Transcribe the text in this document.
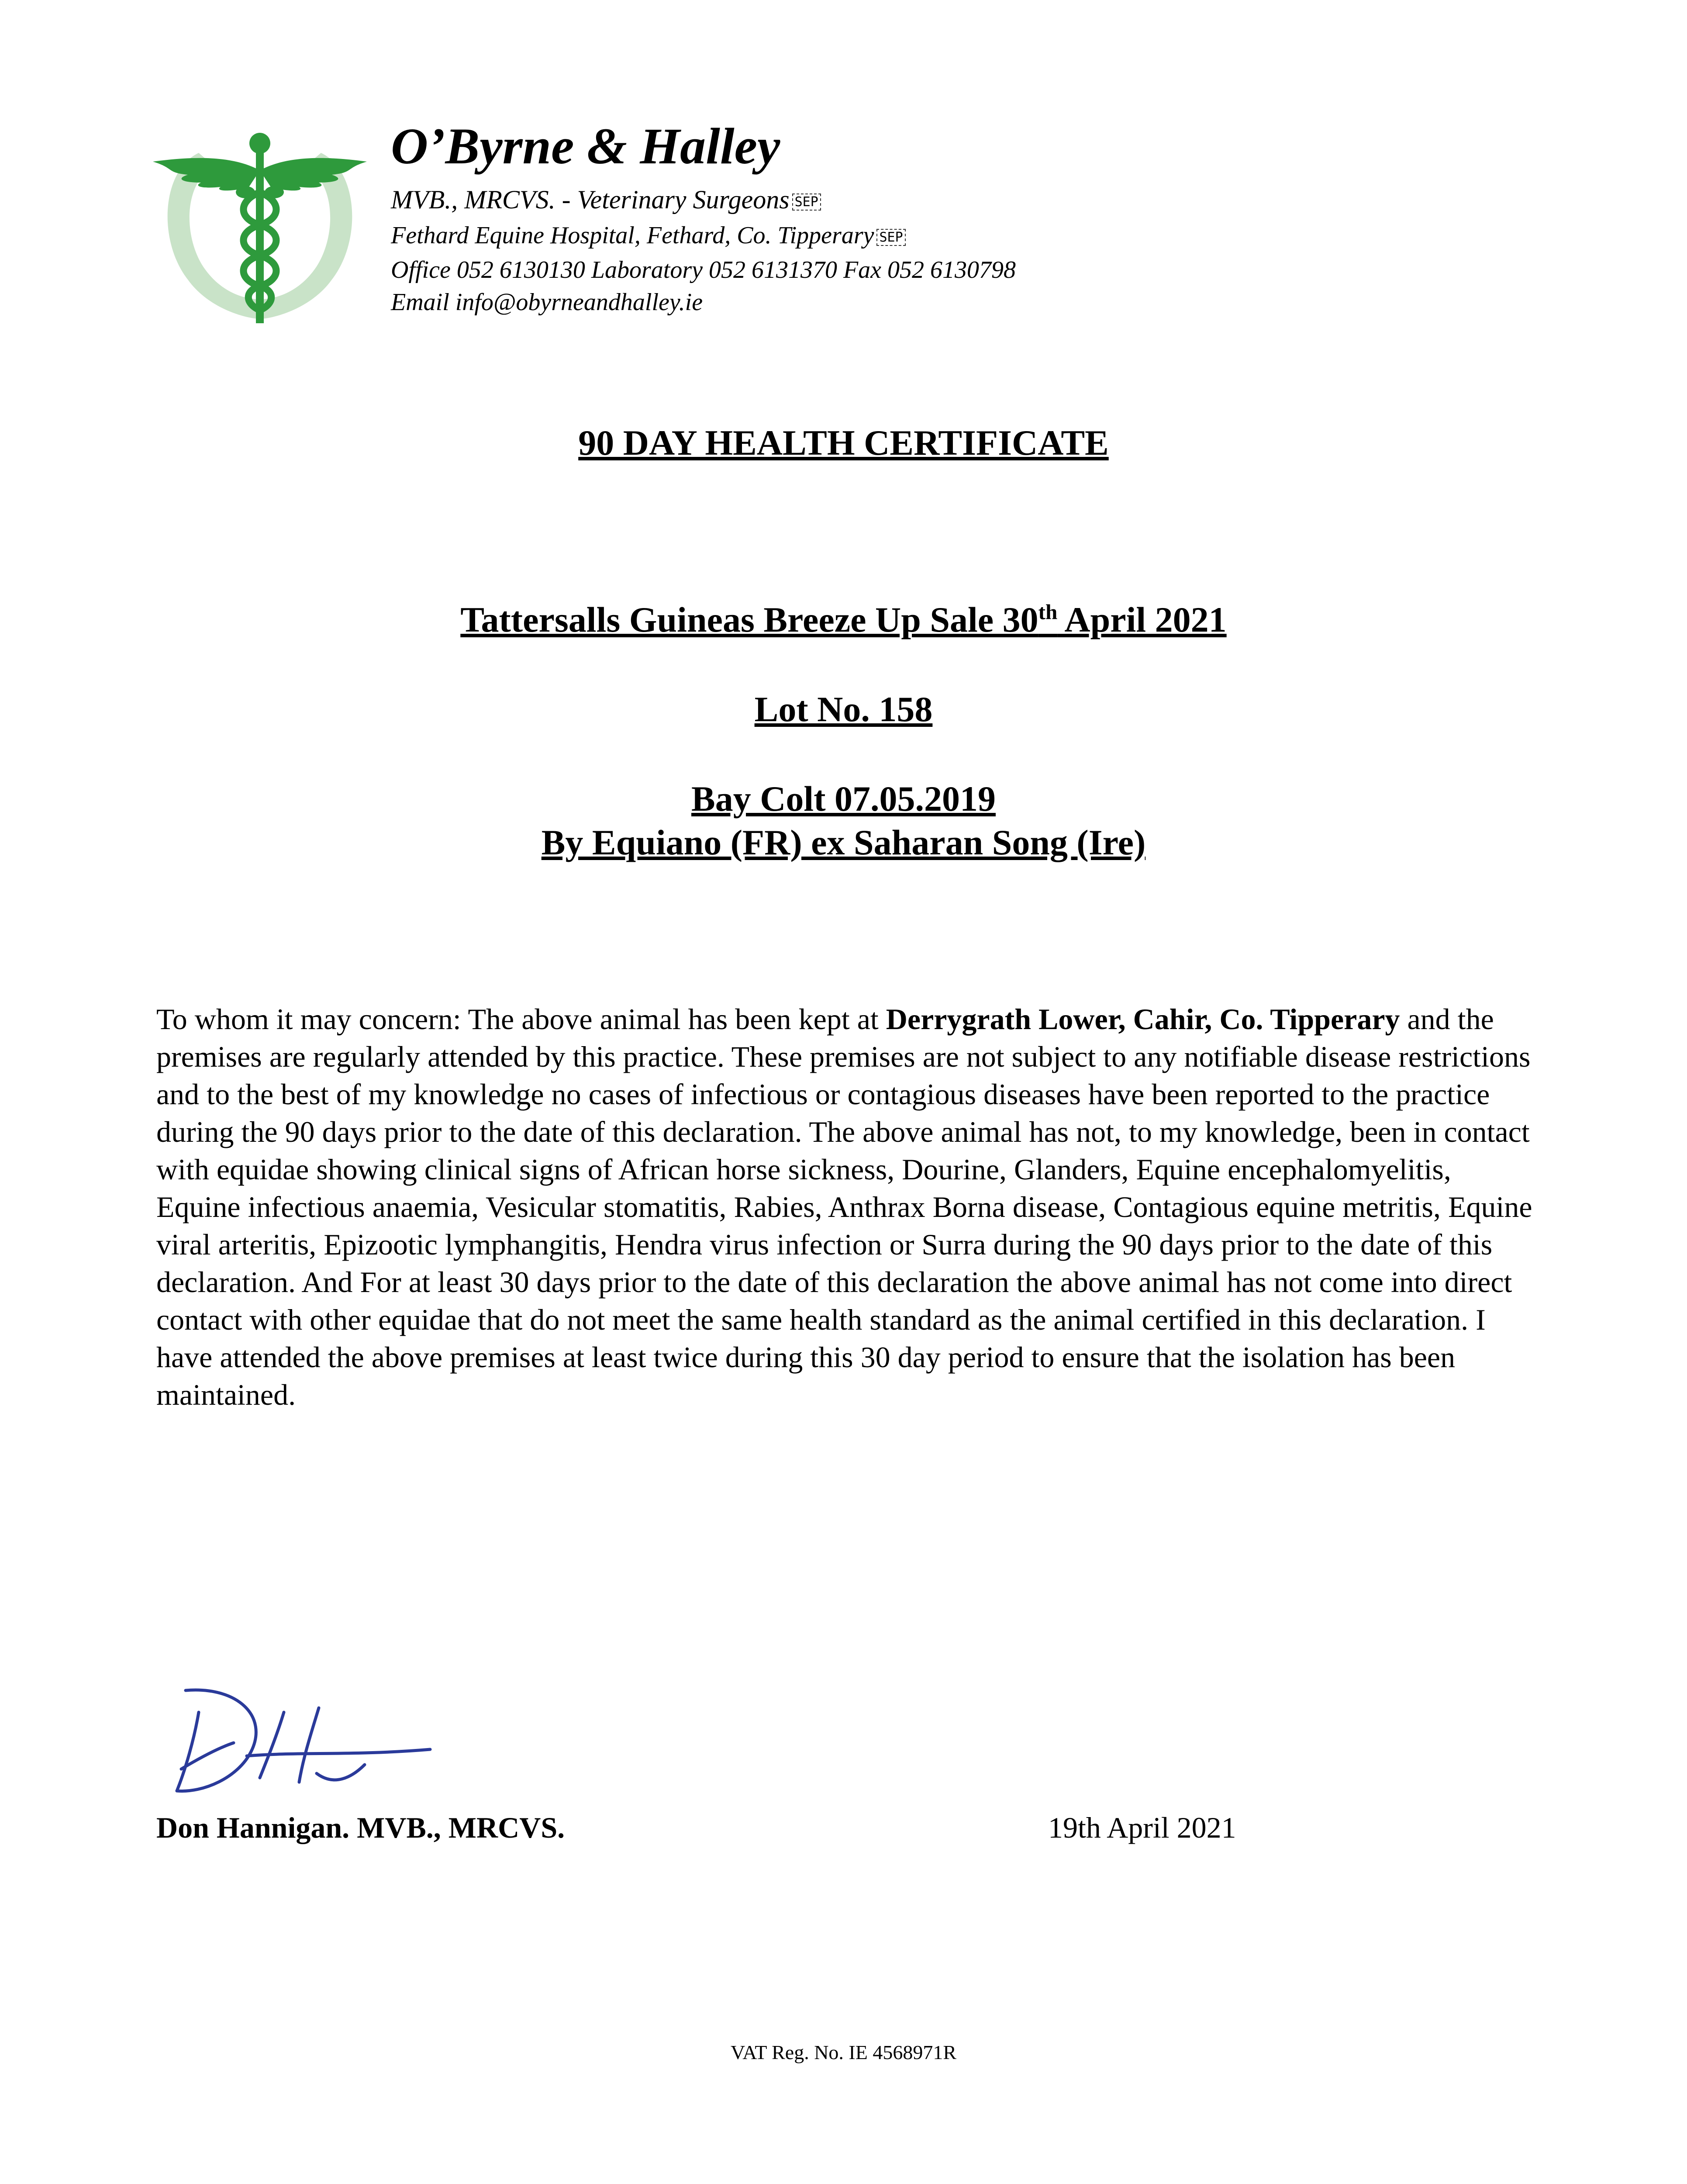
O’Byrne & Halley
MVB., MRCVS. - Veterinary Surgeons SEP
Fethard Equine Hospital, Fethard, Co. Tipperary SEP
Office 052 6130130 Laboratory 052 6131370 Fax 052 6130798
Email info@obyrneandhalley.ie
90 DAY HEALTH CERTIFICATE
Tattersalls Guineas Breeze Up Sale 30th April 2021
Lot No. 158
Bay Colt 07.05.2019
By Equiano (FR) ex Saharan Song (Ire)
To whom it may concern: The above animal has been kept at Derrygrath Lower, Cahir, Co. Tipperary and the premises are regularly attended by this practice. These premises are not subject to any notifiable disease restrictions and to the best of my knowledge no cases of infectious or contagious diseases have been reported to the practice during the 90 days prior to the date of this declaration. The above animal has not, to my knowledge, been in contact with equidae showing clinical signs of African horse sickness, Dourine, Glanders, Equine encephalomyelitis, Equine infectious anaemia, Vesicular stomatitis, Rabies, Anthrax Borna disease, Contagious equine metritis, Equine viral arteritis, Epizootic lymphangitis, Hendra virus infection or Surra during the 90 days prior to the date of this declaration. And For at least 30 days prior to the date of this declaration the above animal has not come into direct contact with other equidae that do not meet the same health standard as the animal certified in this declaration. I have attended the above premises at least twice during this 30 day period to ensure that the isolation has been maintained.
Don Hannigan. MVB., MRCVS.	19th April 2021
VAT Reg. No. IE 4568971R
